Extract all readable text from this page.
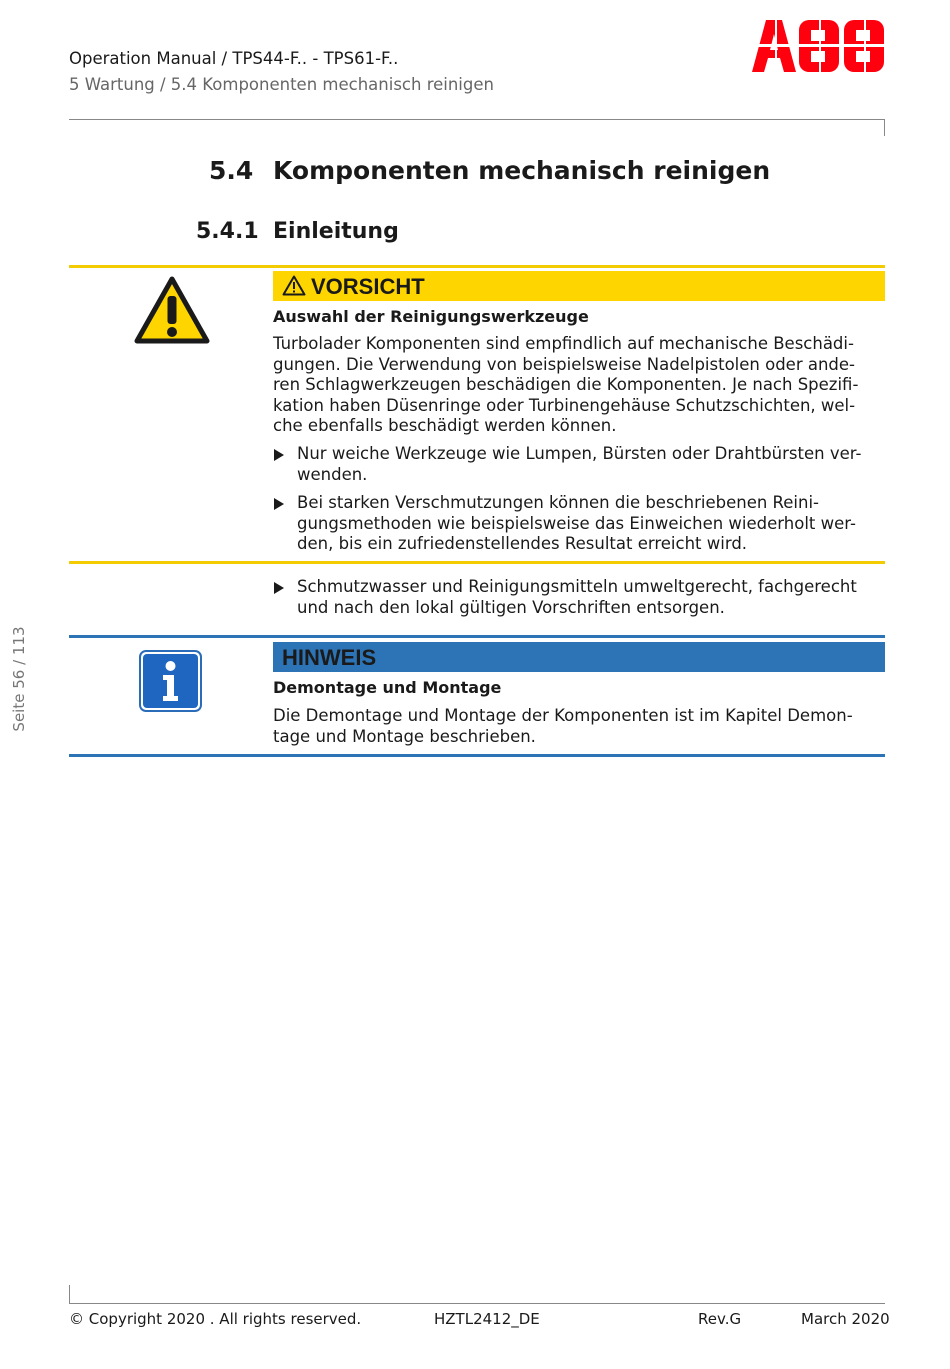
Operation Manual / TPS44-F.. - TPS61-F..
5 Wartung / 5.4 Komponenten mechanisch reinigen
5.4 Komponenten mechanisch reinigen
5.4.1 Einleitung
VORSICHT
Auswahl der Reinigungswerkzeuge
Turbolader Komponenten sind empfindlich auf mechanische Beschädi-
gungen. Die Verwendung von beispielsweise Nadelpistolen oder ande-
ren Schlagwerkzeugen beschädigen die Komponenten. Je nach Spezifi-
kation haben Düsenringe oder Turbinengehäuse Schutzschichten, wel-
che ebenfalls beschädigt werden können.
Nur weiche Werkzeuge wie Lumpen, Bürsten oder Drahtbürsten ver-
wenden.
Bei starken Verschmutzungen können die beschriebenen Reini-
gungsmethoden wie beispielsweise das Einweichen wiederholt wer-
den, bis ein zufriedenstellendes Resultat erreicht wird.
Schmutzwasser und Reinigungsmitteln umweltgerecht, fachgerecht
und nach den lokal gültigen Vorschriften entsorgen.
HINWEIS
Demontage und Montage
Die Demontage und Montage der Komponenten ist im Kapitel Demon-
tage und Montage beschrieben.
Seite 56 / 113
© Copyright 2020 . All rights reserved.	HZTL2412_DE	Rev.G	March 2020
